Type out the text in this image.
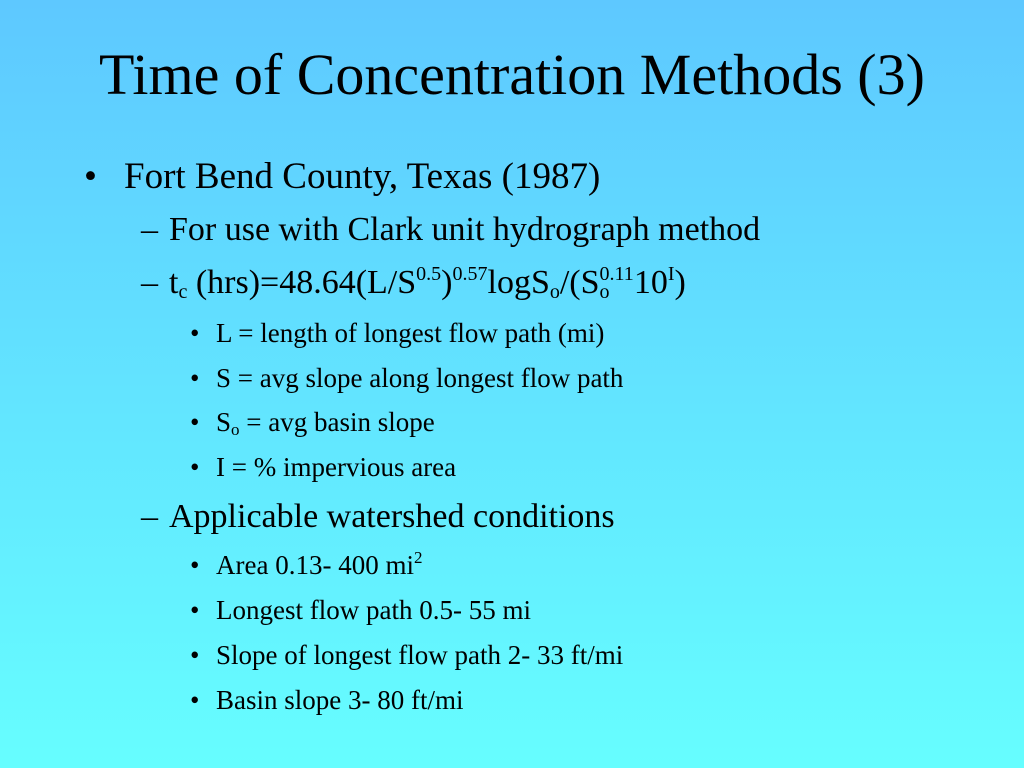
Time of Concentration Methods (3)
• Fort Bend County, Texas (1987)
– For use with Clark unit hydrograph method
– $t_c$ $(hrs)=48.64(L/S^{0.5})^{0.57}\log S_o/(S_o^{0.11}10^I)$
• L = length of longest flow path (mi)
• S = avg slope along longest flow path
• $S_o$ = avg basin slope
• I = % impervious area
– Applicable watershed conditions
• Area 0.13- 400 $mi^2$
• Longest flow path 0.5- 55 mi
• Slope of longest flow path 2- 33 ft/mi
• Basin slope 3- 80 ft/mi
